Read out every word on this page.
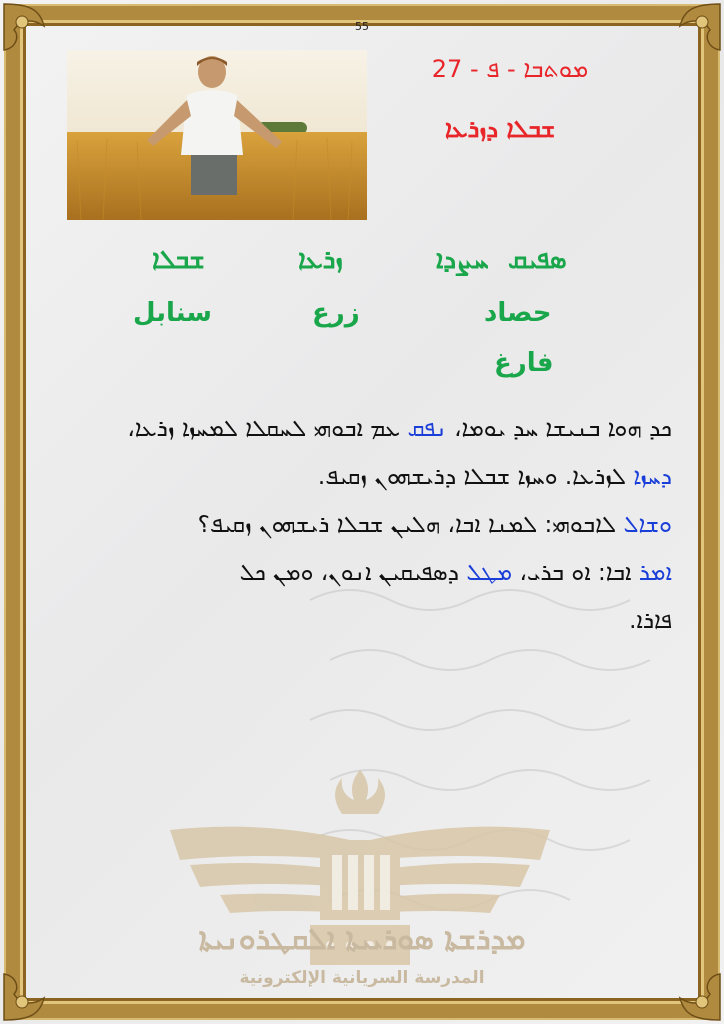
55
ܡܘܬܒܐ - ܦ - 27
ܫܒܠܐ ܕܙܪܥܐ
ܫܒܠܐ	ܙܪܥܐ	ܚܨܕܐ ܣܦܝܩ
سنابل	زرع	حصاد
فارغ

ܟܕ ܗܘܐ ܒܢܝܫܐ ܚܕ ܝܘܡܐ، ܢܦܩ ܥܡ ܐܒܘܗܝ ܠܚܩܠܐ ܠܡܚܙܐ ܙܪܥܐ،

ܕܚܙܐ ܠܙܪܥܐ. ܘܚܙܐ ܫܒܠܐ ܕܪܝܫܗܘܢ ܙܩܝܦ.

ܘܫܐܠ ܠܐܒܘܗܝ: ܠܡܢܐ ܐܒܐ، ܗܠܝܢ ܫܒܠܐ ܪܝܫܗܘܢ ܙܩܝܦ؟

ܐܡܪ ܐܒܐ: ܐܘ ܒܪܝ، ܡܛܠ ܕܣܦܝܩܝܢ ܐܢܘܢ، ܘܡܢ ܟܠ

ܦܐܪܐ.

ܡܕܪܫܬܐ ܣܘܪܝܝܬܐ ܐܠܩܛܪܘܢܝܬܐ
المدرسة السريانية الإلكترونية
